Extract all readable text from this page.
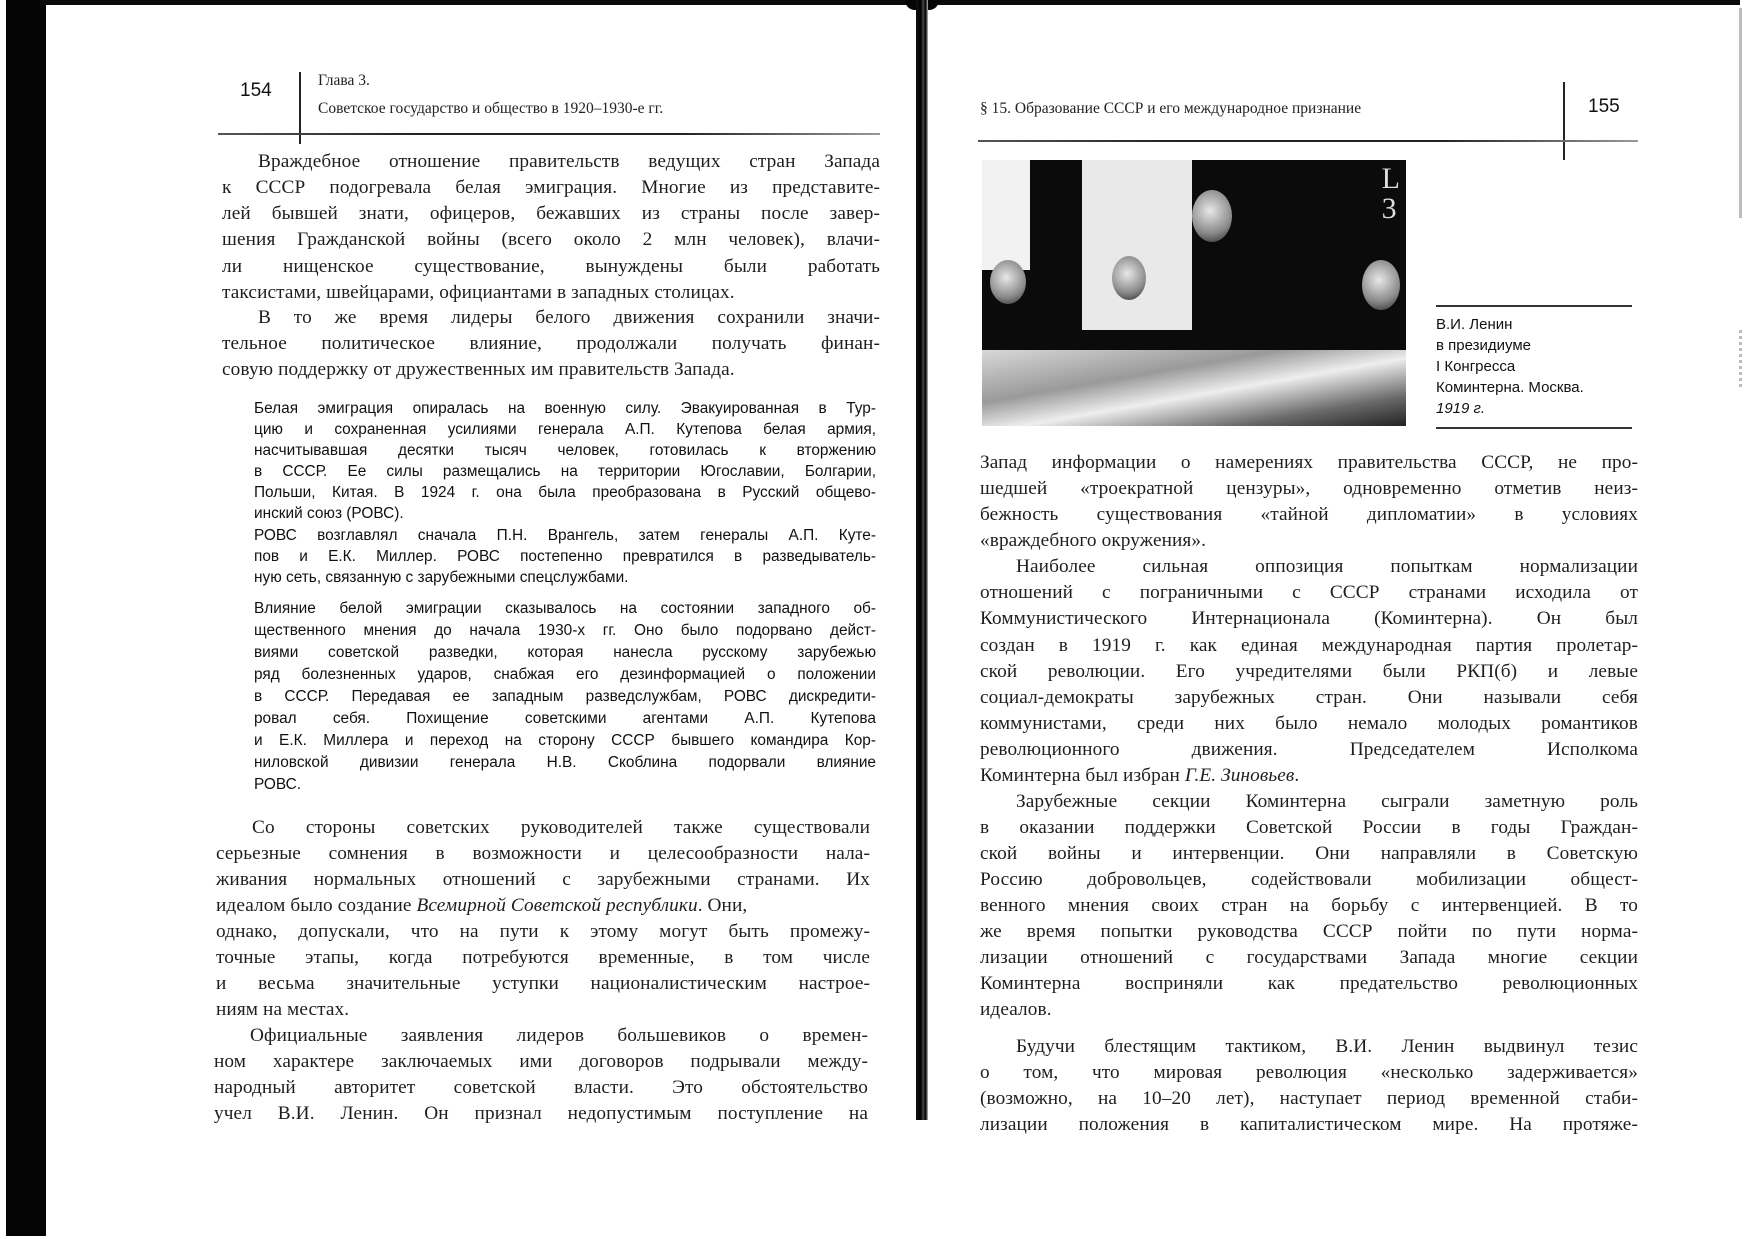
154	Глава 3.
Советское государство и общество в 1920–1930-е гг.
Враждебное отношение правительств ведущих стран Запада
к СССР подогревала белая эмиграция. Многие из представите-
лей бывшей знати, офицеров, бежавших из страны после завер-
шения Гражданской войны (всего около 2 млн человек), влачи-
ли нищенское существование, вынуждены были работать
таксистами, швейцарами, официантами в западных столицах.
В то же время лидеры белого движения сохранили значи-
тельное политическое влияние, продолжали получать финан-
совую поддержку от дружественных им правительств Запада.
Белая эмиграция опиралась на военную силу. Эвакуированная в Тур-
цию и сохраненная усилиями генерала А.П. Кутепова белая армия,
насчитывавшая десятки тысяч человек, готовилась к вторжению
в СССР. Ее силы размещались на территории Югославии, Болгарии,
Польши, Китая. В 1924 г. она была преобразована в Русский общево-
инский союз (РОВС).
РОВС возглавлял сначала П.Н. Врангель, затем генералы А.П. Куте-
пов и Е.К. Миллер. РОВС постепенно превратился в разведыватель-
ную сеть, связанную с зарубежными спецслужбами.
Влияние белой эмиграции сказывалось на состоянии западного об-
щественного мнения до начала 1930-х гг. Оно было подорвано дейст-
виями советской разведки, которая нанесла русскому зарубежью
ряд болезненных ударов, снабжая его дезинформацией о положении
в СССР. Передавая ее западным разведслужбам, РОВС дискредити-
ровал себя. Похищение советскими агентами А.П. Кутепова
и Е.К. Миллера и переход на сторону СССР бывшего командира Кор-
ниловской дивизии генерала Н.В. Скоблина подорвали влияние
РОВС.
Со стороны советских руководителей также существовали
серьезные сомнения в возможности и целесообразности нала-
живания нормальных отношений с зарубежными странами. Их
идеалом было создание Всемирной Советской республики. Они,
однако, допускали, что на пути к этому могут быть промежу-
точные этапы, когда потребуются временные, в том числе
и весьма значительные уступки националистическим настрое-
ниям на местах.
Официальные заявления лидеров большевиков о времен-
ном характере заключаемых ими договоров подрывали между-
народный авторитет советской власти. Это обстоятельство
учел В.И. Ленин. Он признал недопустимым поступление на
§ 15. Образование СССР и его международное признание	155
L
3
В.И. Ленин
в президиуме
I Конгресса
Коминтерна. Москва.
1919 г.
Запад информации о намерениях правительства СССР, не про-
шедшей «троекратной цензуры», одновременно отметив неиз-
бежность существования «тайной дипломатии» в условиях
«враждебного окружения».
Наиболее сильная оппозиция попыткам нормализации
отношений с пограничными с СССР странами исходила от
Коммунистического Интернационала (Коминтерна). Он был
создан в 1919 г. как единая международная партия пролетар-
ской революции. Его учредителями были РКП(б) и левые
социал-демократы зарубежных стран. Они называли себя
коммунистами, среди них было немало молодых романтиков
революционного движения. Председателем Исполкома
Коминтерна был избран Г.Е. Зиновьев.
Зарубежные секции Коминтерна сыграли заметную роль
в оказании поддержки Советской России в годы Граждан-
ской войны и интервенции. Они направляли в Советскую
Россию добровольцев, содействовали мобилизации общест-
венного мнения своих стран на борьбу с интервенцией. В то
же время попытки руководства СССР пойти по пути норма-
лизации отношений с государствами Запада многие секции
Коминтерна восприняли как предательство революционных
идеалов.
Будучи блестящим тактиком, В.И. Ленин выдвинул тезис
о том, что мировая революция «несколько задерживается»
(возможно, на 10–20 лет), наступает период временной стаби-
лизации положения в капиталистическом мире. На протяже-
